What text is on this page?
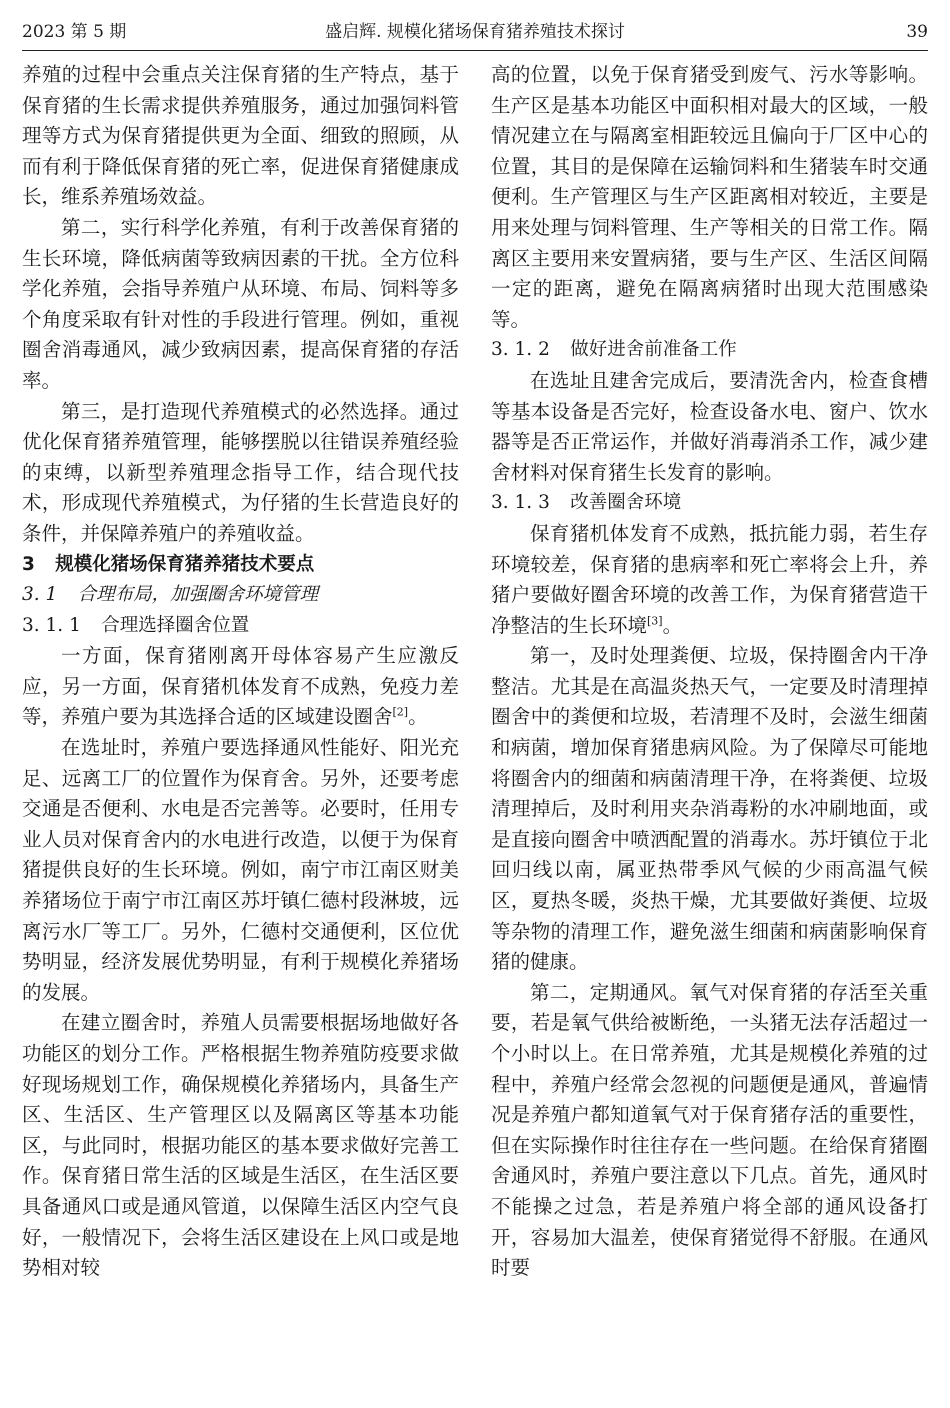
2023 第 5 期	盛启辉. 规模化猪场保育猪养殖技术探讨	39

养殖的过程中会重点关注保育猪的生产特点，基于保育猪的生长需求提供养殖服务，通过加强饲料管理等方式为保育猪提供更为全面、细致的照顾，从而有利于降低保育猪的死亡率，促进保育猪健康成长，维系养殖场效益。

第二，实行科学化养殖，有利于改善保育猪的生长环境，降低病菌等致病因素的干扰。全方位科学化养殖，会指导养殖户从环境、布局、饲料等多个角度采取有针对性的手段进行管理。例如，重视圈舍消毒通风，减少致病因素，提高保育猪的存活率。

第三，是打造现代养殖模式的必然选择。通过优化保育猪养殖管理，能够摆脱以往错误养殖经验的束缚，以新型养殖理念指导工作，结合现代技术，形成现代养殖模式，为仔猪的生长营造良好的条件，并保障养殖户的养殖收益。

3 规模化猪场保育猪养猪技术要点
3. 1 合理布局，加强圈舍环境管理
3. 1. 1 合理选择圈舍位置

一方面，保育猪刚离开母体容易产生应激反应，另一方面，保育猪机体发育不成熟，免疫力差等，养殖户要为其选择合适的区域建设圈舍[2]。

在选址时，养殖户要选择通风性能好、阳光充足、远离工厂的位置作为保育舍。另外，还要考虑交通是否便利、水电是否完善等。必要时，任用专业人员对保育舍内的水电进行改造，以便于为保育猪提供良好的生长环境。例如，南宁市江南区财美养猪场位于南宁市江南区苏圩镇仁德村段淋坡，远离污水厂等工厂。另外，仁德村交通便利，区位优势明显，经济发展优势明显，有利于规模化养猪场的发展。

在建立圈舍时，养殖人员需要根据场地做好各功能区的划分工作。严格根据生物养殖防疫要求做好现场规划工作，确保规模化养猪场内，具备生产区、生活区、生产管理区以及隔离区等基本功能区，与此同时，根据功能区的基本要求做好完善工作。保育猪日常生活的区域是生活区，在生活区要具备通风口或是通风管道，以保障生活区内空气良好，一般情况下，会将生活区建设在上风口或是地势相对较

高的位置，以免于保育猪受到废气、污水等影响。生产区是基本功能区中面积相对最大的区域，一般情况建立在与隔离室相距较远且偏向于厂区中心的位置，其目的是保障在运输饲料和生猪装车时交通便利。生产管理区与生产区距离相对较近，主要是用来处理与饲料管理、生产等相关的日常工作。隔离区主要用来安置病猪，要与生产区、生活区间隔一定的距离，避免在隔离病猪时出现大范围感染等。

3. 1. 2 做好进舍前准备工作

在选址且建舍完成后，要清洗舍内，检查食槽等基本设备是否完好，检查设备水电、窗户、饮水器等是否正常运作，并做好消毒消杀工作，减少建舍材料对保育猪生长发育的影响。

3. 1. 3 改善圈舍环境

保育猪机体发育不成熟，抵抗能力弱，若生存环境较差，保育猪的患病率和死亡率将会上升，养猪户要做好圈舍环境的改善工作，为保育猪营造干净整洁的生长环境[3]。

第一，及时处理粪便、垃圾，保持圈舍内干净整洁。尤其是在高温炎热天气，一定要及时清理掉圈舍中的粪便和垃圾，若清理不及时，会滋生细菌和病菌，增加保育猪患病风险。为了保障尽可能地将圈舍内的细菌和病菌清理干净，在将粪便、垃圾清理掉后，及时利用夹杂消毒粉的水冲刷地面，或是直接向圈舍中喷洒配置的消毒水。苏圩镇位于北回归线以南，属亚热带季风气候的少雨高温气候区，夏热冬暖，炎热干燥，尤其要做好粪便、垃圾等杂物的清理工作，避免滋生细菌和病菌影响保育猪的健康。

第二，定期通风。氧气对保育猪的存活至关重要，若是氧气供给被断绝，一头猪无法存活超过一个小时以上。在日常养殖，尤其是规模化养殖的过程中，养殖户经常会忽视的问题便是通风，普遍情况是养殖户都知道氧气对于保育猪存活的重要性，但在实际操作时往往存在一些问题。在给保育猪圈舍通风时，养殖户要注意以下几点。首先，通风时不能操之过急，若是养殖户将全部的通风设备打开，容易加大温差，使保育猪觉得不舒服。在通风时要
